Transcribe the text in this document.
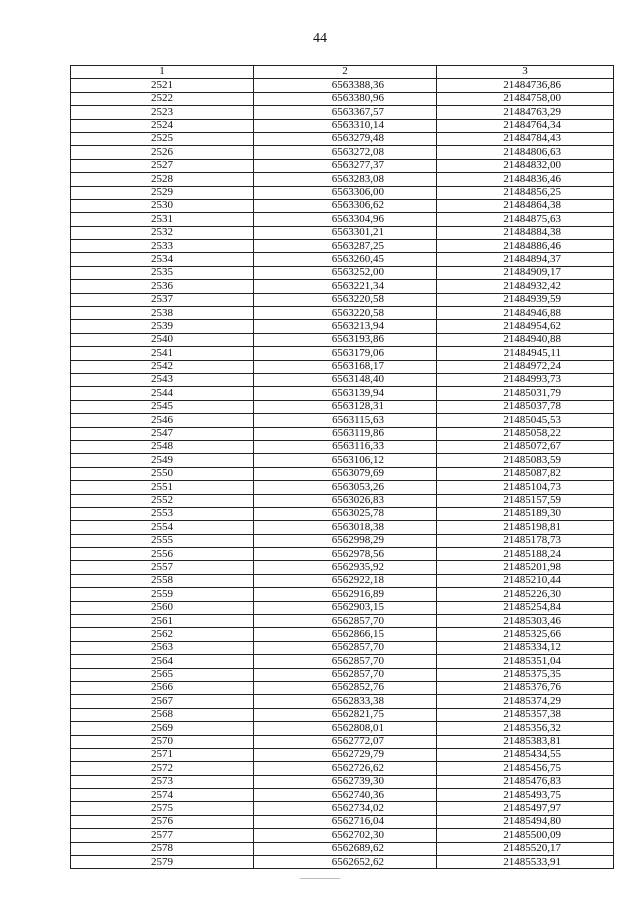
44
1	2	3
2521	6563388,36	21484736,86
2522	6563380,96	21484758,00
2523	6563367,57	21484763,29
2524	6563310,14	21484764,34
2525	6563279,48	21484784,43
2526	6563272,08	21484806,63
2527	6563277,37	21484832,00
2528	6563283,08	21484836,46
2529	6563306,00	21484856,25
2530	6563306,62	21484864,38
2531	6563304,96	21484875,63
2532	6563301,21	21484884,38
2533	6563287,25	21484886,46
2534	6563260,45	21484894,37
2535	6563252,00	21484909,17
2536	6563221,34	21484932,42
2537	6563220,58	21484939,59
2538	6563220,58	21484946,88
2539	6563213,94	21484954,62
2540	6563193,86	21484940,88
2541	6563179,06	21484945,11
2542	6563168,17	21484972,24
2543	6563148,40	21484993,73
2544	6563139,94	21485031,79
2545	6563128,31	21485037,78
2546	6563115,63	21485045,53
2547	6563119,86	21485058,22
2548	6563116,33	21485072,67
2549	6563106,12	21485083,59
2550	6563079,69	21485087,82
2551	6563053,26	21485104,73
2552	6563026,83	21485157,59
2553	6563025,78	21485189,30
2554	6563018,38	21485198,81
2555	6562998,29	21485178,73
2556	6562978,56	21485188,24
2557	6562935,92	21485201,98
2558	6562922,18	21485210,44
2559	6562916,89	21485226,30
2560	6562903,15	21485254,84
2561	6562857,70	21485303,46
2562	6562866,15	21485325,66
2563	6562857,70	21485334,12
2564	6562857,70	21485351,04
2565	6562857,70	21485375,35
2566	6562852,76	21485376,76
2567	6562833,38	21485374,29
2568	6562821,75	21485357,38
2569	6562808,01	21485356,32
2570	6562772,07	21485383,81
2571	6562729,79	21485434,55
2572	6562726,62	21485456,75
2573	6562739,30	21485476,83
2574	6562740,36	21485493,75
2575	6562734,02	21485497,97
2576	6562716,04	21485494,80
2577	6562702,30	21485500,09
2578	6562689,62	21485520,17
2579	6562652,62	21485533,91
